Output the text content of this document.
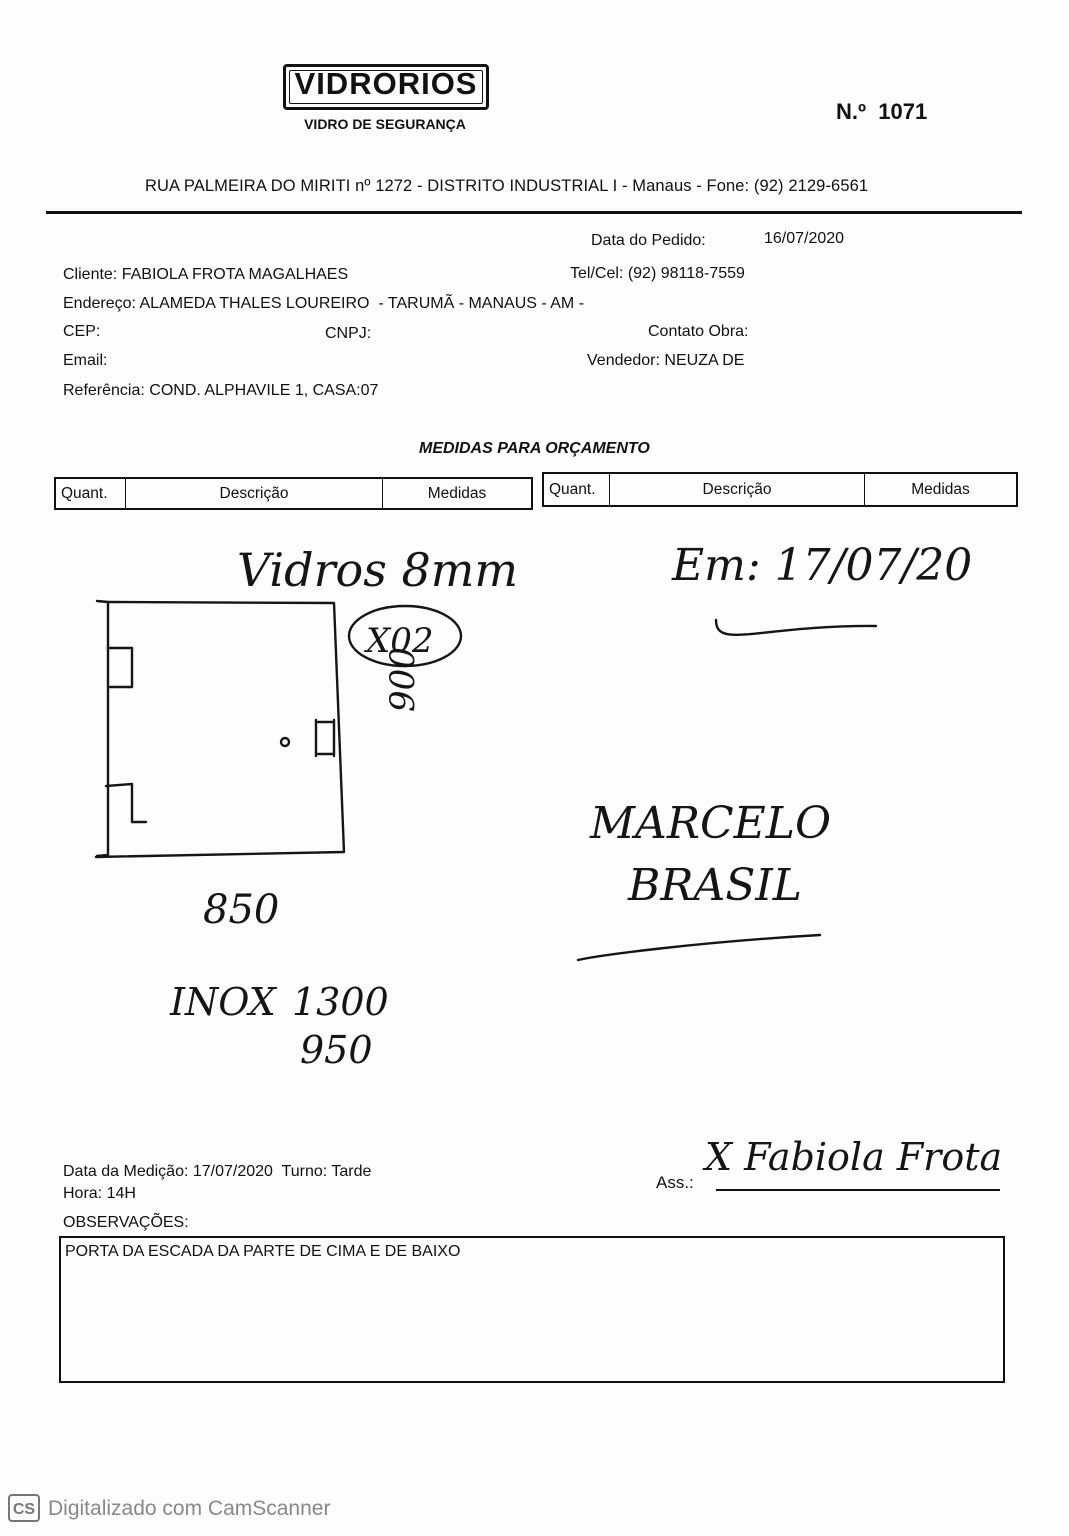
VIDRORIOS
VIDRO DE SEGURANÇA	N.º 1071
RUA PALMEIRA DO MIRITI nº 1272 - DISTRITO INDUSTRIAL I - Manaus - Fone: (92) 2129-6561
Data do Pedido:	16/07/2020
Cliente: FABIOLA FROTA MAGALHAES	Tel/Cel: (92) 98118-7559
Endereço: ALAMEDA THALES LOUREIRO  - TARUMÃ - MANAUS - AM -
CEP:	CNPJ:	Contato Obra:
Email:	Vendedor: NEUZA DE
Referência: COND. ALPHAVILE 1, CASA:07
MEDIDAS PARA ORÇAMENTO
Quant.	Descrição	Medidas	Quant.	Descrição	Medidas
Vidros 8mm
X02
900
850
INOX 1300
950
Em: 17/07/20
MARCELO
BRASIL
X Fabiola Frota
Data da Medição: 17/07/2020 Turno: Tarde
Hora: 14H
Ass.:
OBSERVAÇÕES:
PORTA DA ESCADA DA PARTE DE CIMA E DE BAIXO
CS Digitalizado com CamScanner
